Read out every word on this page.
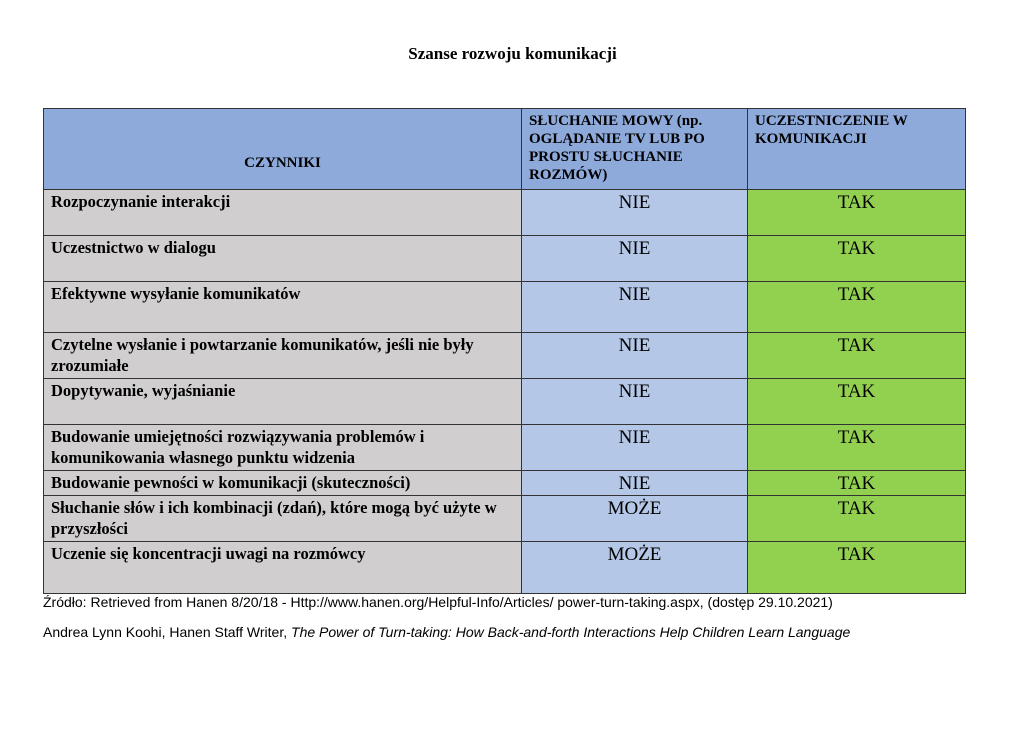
Szanse rozwoju komunikacji
CZYNNIKI	SŁUCHANIE MOWY (np. OGLĄDANIE TV LUB PO PROSTU SŁUCHANIE ROZMÓW)	UCZESTNICZENIE W KOMUNIKACJI

Rozpoczynanie interakcji	NIE	TAK

Uczestnictwo w dialogu	NIE	TAK

Efektywne wysyłanie komunikatów	NIE	TAK

Czytelne wysłanie i powtarzanie komunikatów, jeśli nie były zrozumiałe	NIE	TAK

Dopytywanie, wyjaśnianie	NIE	TAK

Budowanie umiejętności rozwiązywania problemów i komunikowania własnego punktu widzenia	NIE	TAK

Budowanie pewności w komunikacji (skuteczności)	NIE	TAK

Słuchanie słów i ich kombinacji (zdań), które mogą być użyte w przyszłości	MOŻE	TAK

Uczenie się koncentracji uwagi na rozmówcy	MOŻE	TAK
Źródło: Retrieved from Hanen 8/20/18 - Http://www.hanen.org/Helpful-Info/Articles/ power-turn-taking.aspx, (dostęp 29.10.2021)
Andrea Lynn Koohi, Hanen Staff Writer, The Power of Turn-taking: How Back-and-forth Interactions Help Children Learn Language
